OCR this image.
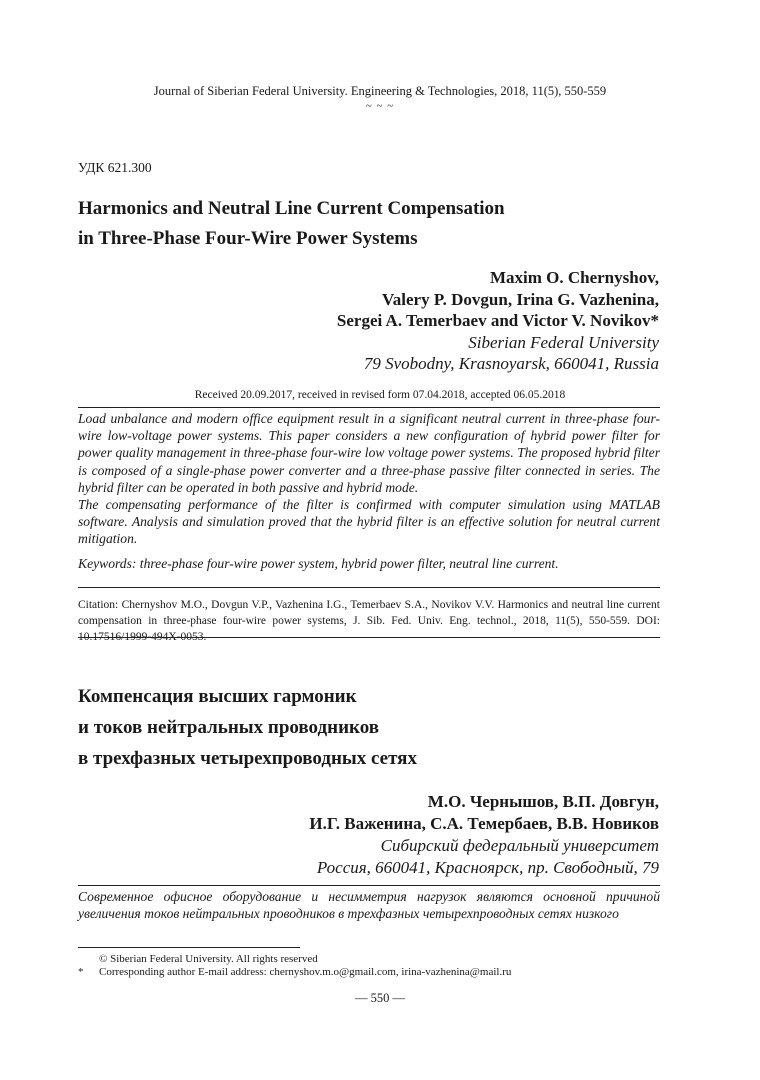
Journal of Siberian Federal University. Engineering & Technologies, 2018, 11(5), 550-559
~ ~ ~
УДК 621.300
Harmonics and Neutral Line Current Compensation
in Three-Phase Four-Wire Power Systems
Maxim O. Chernyshov,
Valery P. Dovgun, Irina G. Vazhenina,
Sergei A. Temerbaev and Victor V. Novikov*
Siberian Federal University
79 Svobodny, Krasnoyarsk, 660041, Russia
Received 20.09.2017, received in revised form 07.04.2018, accepted 06.05.2018

Load unbalance and modern office equipment result in a significant neutral current in three-phase four-wire low-voltage power systems. This paper considers a new configuration of hybrid power filter for power quality management in three-phase four-wire low voltage power systems. The proposed hybrid filter is composed of a single-phase power converter and a three-phase passive filter connected in series. The hybrid filter can be operated in both passive and hybrid mode.

The compensating performance of the filter is confirmed with computer simulation using MATLAB software. Analysis and simulation proved that the hybrid filter is an effective solution for neutral current mitigation.

Keywords: three-phase four-wire power system, hybrid power filter, neutral line current.
Citation: Chernyshov M.O., Dovgun V.P., Vazhenina I.G., Temerbaev S.A., Novikov V.V. Harmonics and neutral line current compensation in three-phase four-wire power systems, J. Sib. Fed. Univ. Eng. technol., 2018, 11(5), 550-559. DOI: 10.17516/1999-494X-0053.
Компенсация высших гармоник
и токов нейтральных проводников
в трехфазных четырехпроводных сетях
М.О. Чернышов, В.П. Довгун,
И.Г. Важенина, С.А. Темербаев, В.В. Новиков
Сибирский федеральный университет
Россия, 660041, Красноярск, пр. Свободный, 79

Современное офисное оборудование и несимметрия нагрузок являются основной причиной увеличения токов нейтральных проводников в трехфазных четырехпроводных сетях низкого

© Siberian Federal University. All rights reserved
* Corresponding author E-mail address: chernyshov.m.o@gmail.com, irina-vazhenina@mail.ru
— 550 —
